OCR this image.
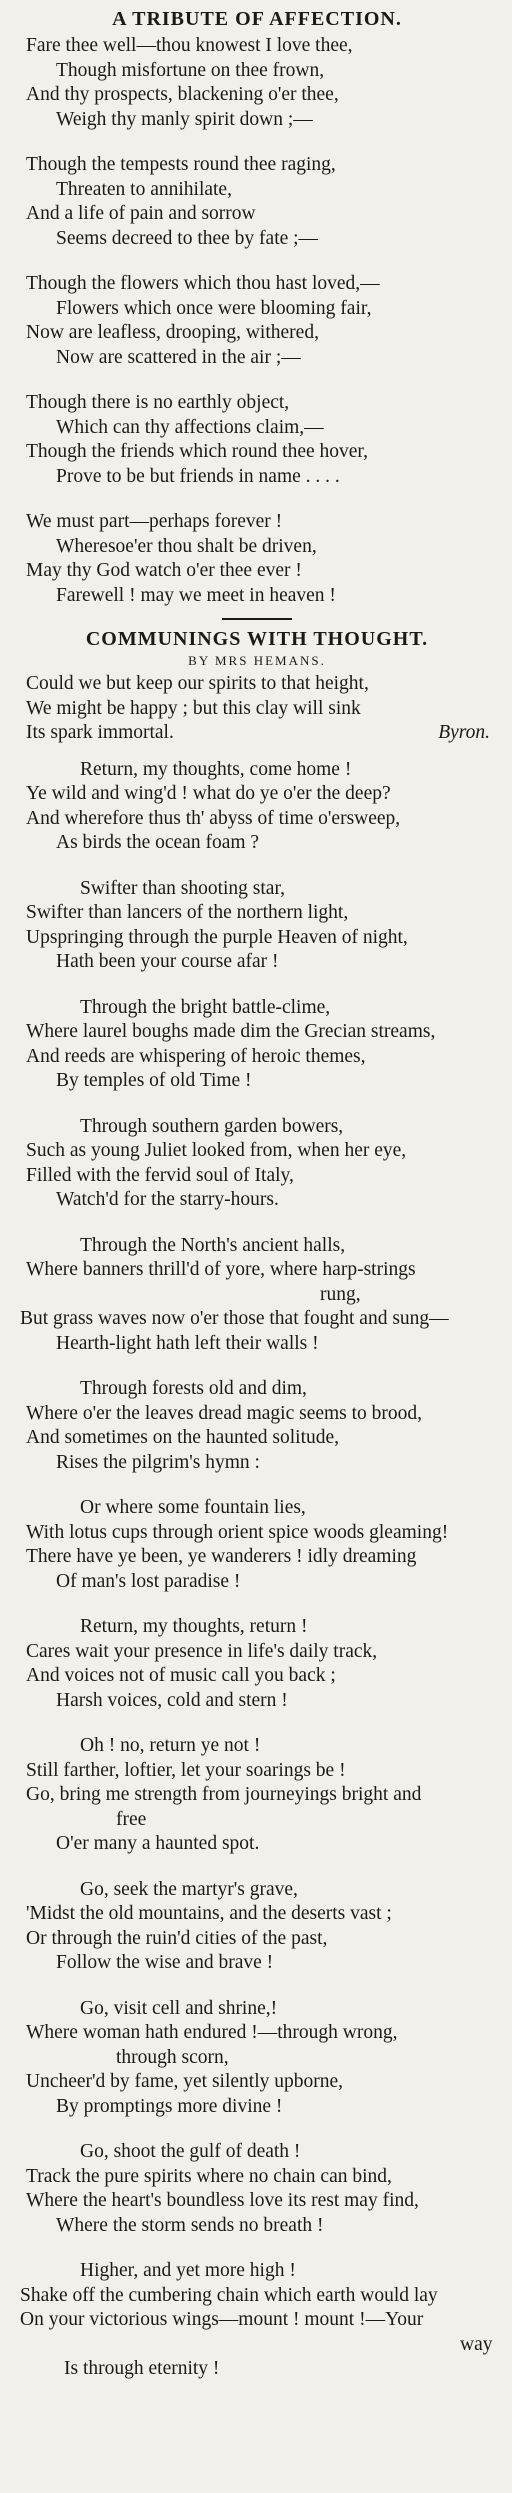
A TRIBUTE OF AFFECTION.

Fare thee well—thou knowest I love thee,

Though misfortune on thee frown,

And thy prospects, blackening o'er thee,

Weigh thy manly spirit down ;—

Though the tempests round thee raging,

Threaten to annihilate,

And a life of pain and sorrow

Seems decreed to thee by fate ;—

Though the flowers which thou hast loved,—

Flowers which once were blooming fair,

Now are leafless, drooping, withered,

Now are scattered in the air ;—

Though there is no earthly object,

Which can thy affections claim,—

Though the friends which round thee hover,

Prove to be but friends in name . . . .

We must part—perhaps forever !

Wheresoe'er thou shalt be driven,

May thy God watch o'er thee ever !

Farewell ! may we meet in heaven !

COMMUNINGS WITH THOUGHT.

BY MRS HEMANS.

Could we but keep our spirits to that height,

We might be happy ; but this clay will sink

Its spark immortal.	Byron.

Return, my thoughts, come home !

Ye wild and wing'd ! what do ye o'er the deep?

And wherefore thus th' abyss of time o'ersweep,

As birds the ocean foam ?

Swifter than shooting star,

Swifter than lancers of the northern light,

Upspringing through the purple Heaven of night,

Hath been your course afar !

Through the bright battle-clime,

Where laurel boughs made dim the Grecian streams,

And reeds are whispering of heroic themes,

By temples of old Time !

Through southern garden bowers,

Such as young Juliet looked from, when her eye,

Filled with the fervid soul of Italy,

Watch'd for the starry-hours.

Through the North's ancient halls,

Where banners thrill'd of yore, where harp-strings

rung,

But grass waves now o'er those that fought and sung—

Hearth-light hath left their walls !

Through forests old and dim,

Where o'er the leaves dread magic seems to brood,

And sometimes on the haunted solitude,

Rises the pilgrim's hymn :

Or where some fountain lies,

With lotus cups through orient spice woods gleaming!

There have ye been, ye wanderers ! idly dreaming

Of man's lost paradise !

Return, my thoughts, return !

Cares wait your presence in life's daily track,

And voices not of music call you back ;

Harsh voices, cold and stern !

Oh ! no, return ye not !

Still farther, loftier, let your soarings be !

Go, bring me strength from journeyings bright and

free

O'er many a haunted spot.

Go, seek the martyr's grave,

'Midst the old mountains, and the deserts vast ;

Or through the ruin'd cities of the past,

Follow the wise and brave !

Go, visit cell and shrine,!

Where woman hath endured !—through wrong,

through scorn,

Uncheer'd by fame, yet silently upborne,

By promptings more divine !

Go, shoot the gulf of death !

Track the pure spirits where no chain can bind,

Where the heart's boundless love its rest may find,

Where the storm sends no breath !

Higher, and yet more high !

Shake off the cumbering chain which earth would lay

On your victorious wings—mount ! mount !—Your

way

Is through eternity !
